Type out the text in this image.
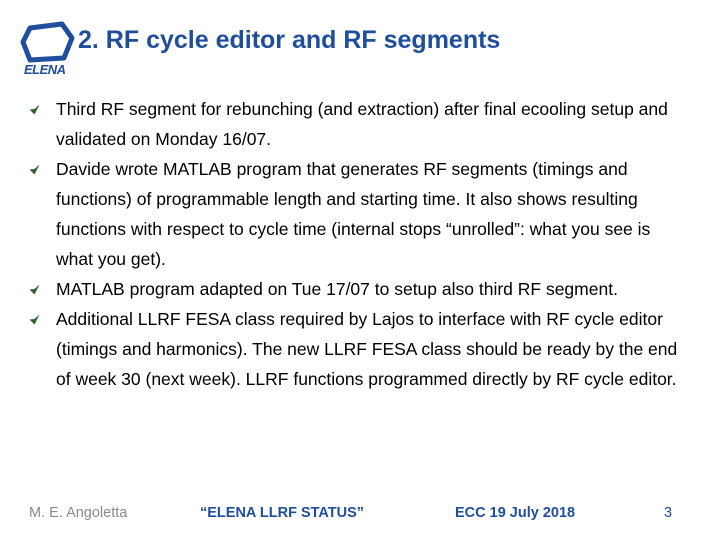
ELENA
2. RF cycle editor and RF segments
Third RF segment for rebunching (and extraction) after final ecooling setup and validated on Monday 16/07.
Davide wrote MATLAB program that generates RF segments (timings and functions) of programmable length and starting time. It also shows resulting functions with respect to cycle time (internal stops “unrolled”: what you see is what you get).
MATLAB program adapted on Tue 17/07 to setup also third RF segment.
Additional LLRF FESA class required by Lajos to interface with RF cycle editor (timings and harmonics). The new LLRF FESA class should be ready by the end of week 30 (next week). LLRF functions programmed directly by RF cycle editor.
M. E. Angoletta	“ELENA LLRF STATUS”	ECC 19 July 2018	3
